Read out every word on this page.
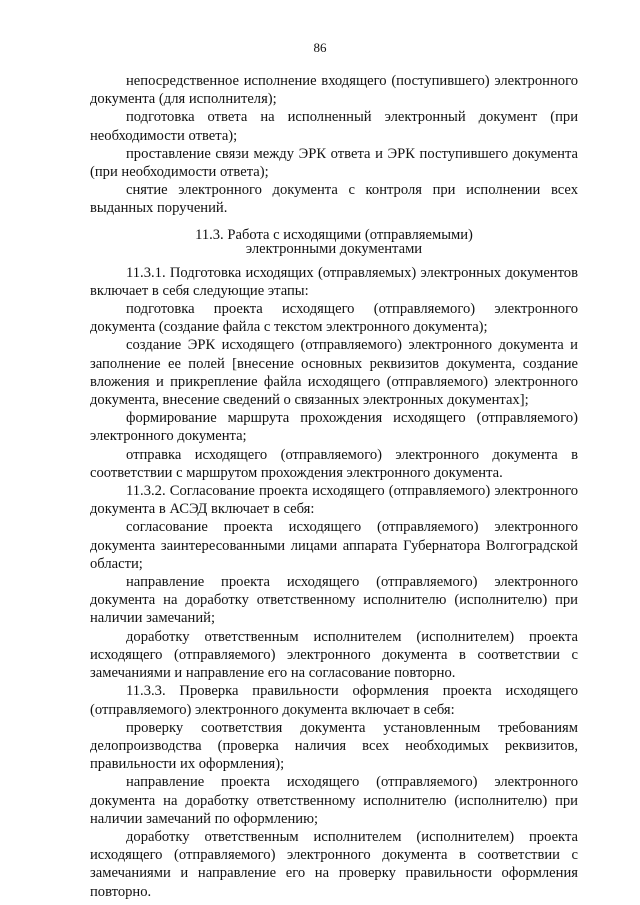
86

непосредственное исполнение входящего (поступившего) электронного документа (для исполнителя);

подготовка ответа на исполненный электронный документ (при необходимости ответа);

проставление связи между ЭРК ответа и ЭРК поступившего документа (при необходимости ответа);

снятие электронного документа с контроля при исполнении всех выданных поручений.

11.3. Работа с исходящими (отправляемыми)
электронными документами

11.3.1. Подготовка исходящих (отправляемых) электронных документов включает в себя следующие этапы:

подготовка проекта исходящего (отправляемого) электронного документа (создание файла с текстом электронного документа);

создание ЭРК исходящего (отправляемого) электронного документа и заполнение ее полей [внесение основных реквизитов документа, создание вложения и прикрепление файла исходящего (отправляемого) электронного документа, внесение сведений о связанных электронных документах];

формирование маршрута прохождения исходящего (отправляемого) электронного документа;

отправка исходящего (отправляемого) электронного документа в соответствии с маршрутом прохождения электронного документа.

11.3.2. Согласование проекта исходящего (отправляемого) электронного документа в АСЭД включает в себя:

согласование проекта исходящего (отправляемого) электронного документа заинтересованными лицами аппарата Губернатора Волгоградской области;

направление проекта исходящего (отправляемого) электронного документа на доработку ответственному исполнителю (исполнителю) при наличии замечаний;

доработку ответственным исполнителем (исполнителем) проекта исходящего (отправляемого) электронного документа в соответствии с замечаниями и направление его на согласование повторно.

11.3.3. Проверка правильности оформления проекта исходящего (отправляемого) электронного документа включает в себя:

проверку соответствия документа установленным требованиям делопроизводства (проверка наличия всех необходимых реквизитов, правильности их оформления);

направление проекта исходящего (отправляемого) электронного документа на доработку ответственному исполнителю (исполнителю) при наличии замечаний по оформлению;

доработку ответственным исполнителем (исполнителем) проекта исходящего (отправляемого) электронного документа в соответствии с замечаниями и направление его на проверку правильности оформления повторно.
